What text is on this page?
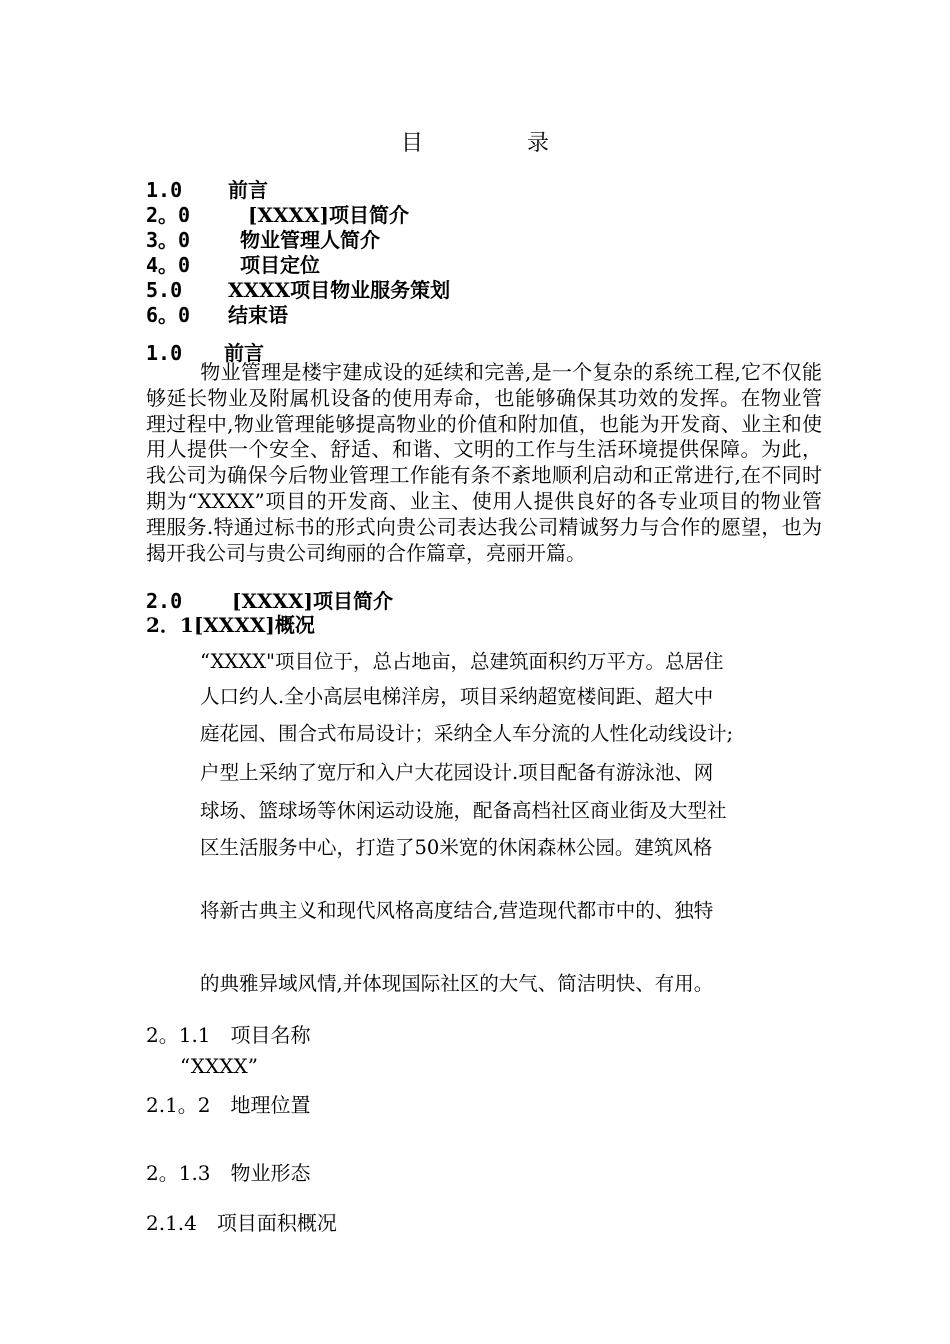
目	录
1.0 前言
2。0	[XXXX]项目简介
3。0 物业管理人简介
4。0 项目定位
5.0 XXXX项目物业服务策划
6。0 结束语
1.0 前言
物业管理是楼宇建成设的延续和完善,是一个复杂的系统工程,它不仅能够延长物业及附属机设备的使用寿命，也能够确保其功效的发挥。在物业管理过程中,物业管理能够提高物业的价值和附加值，也能为开发商、业主和使用人提供一个安全、舒适、和谐、文明的工作与生活环境提供保障。为此，我公司为确保今后物业管理工作能有条不紊地顺利启动和正常进行,在不同时期为“XXXX”项目的开发商、业主、使用人提供良好的各专业项目的物业管理服务.特通过标书的形式向贵公司表达我公司精诚努力与合作的愿望，也为揭开我公司与贵公司绚丽的合作篇章，亮丽开篇。
2.0 [XXXX]项目简介
2．1[XXXX]概况
“XXXX"项目位于，总占地亩，总建筑面积约万平方。总居住
人口约人.全小高层电梯洋房，项目采纳超宽楼间距、超大中
庭花园、围合式布局设计；采纳全人车分流的人性化动线设计;
户型上采纳了宽厅和入户大花园设计.项目配备有游泳池、网
球场、篮球场等休闲运动设施，配备高档社区商业街及大型社
区生活服务中心，打造了50米宽的休闲森林公园。建筑风格
将新古典主义和现代风格高度结合,营造现代都市中的、独特
的典雅异域风情,并体现国际社区的大气、简洁明快、有用。
2。1.1　项目名称
“XXXX”
2.1。2　地理位置
2。1.3　物业形态
2.1.4　项目面积概况
